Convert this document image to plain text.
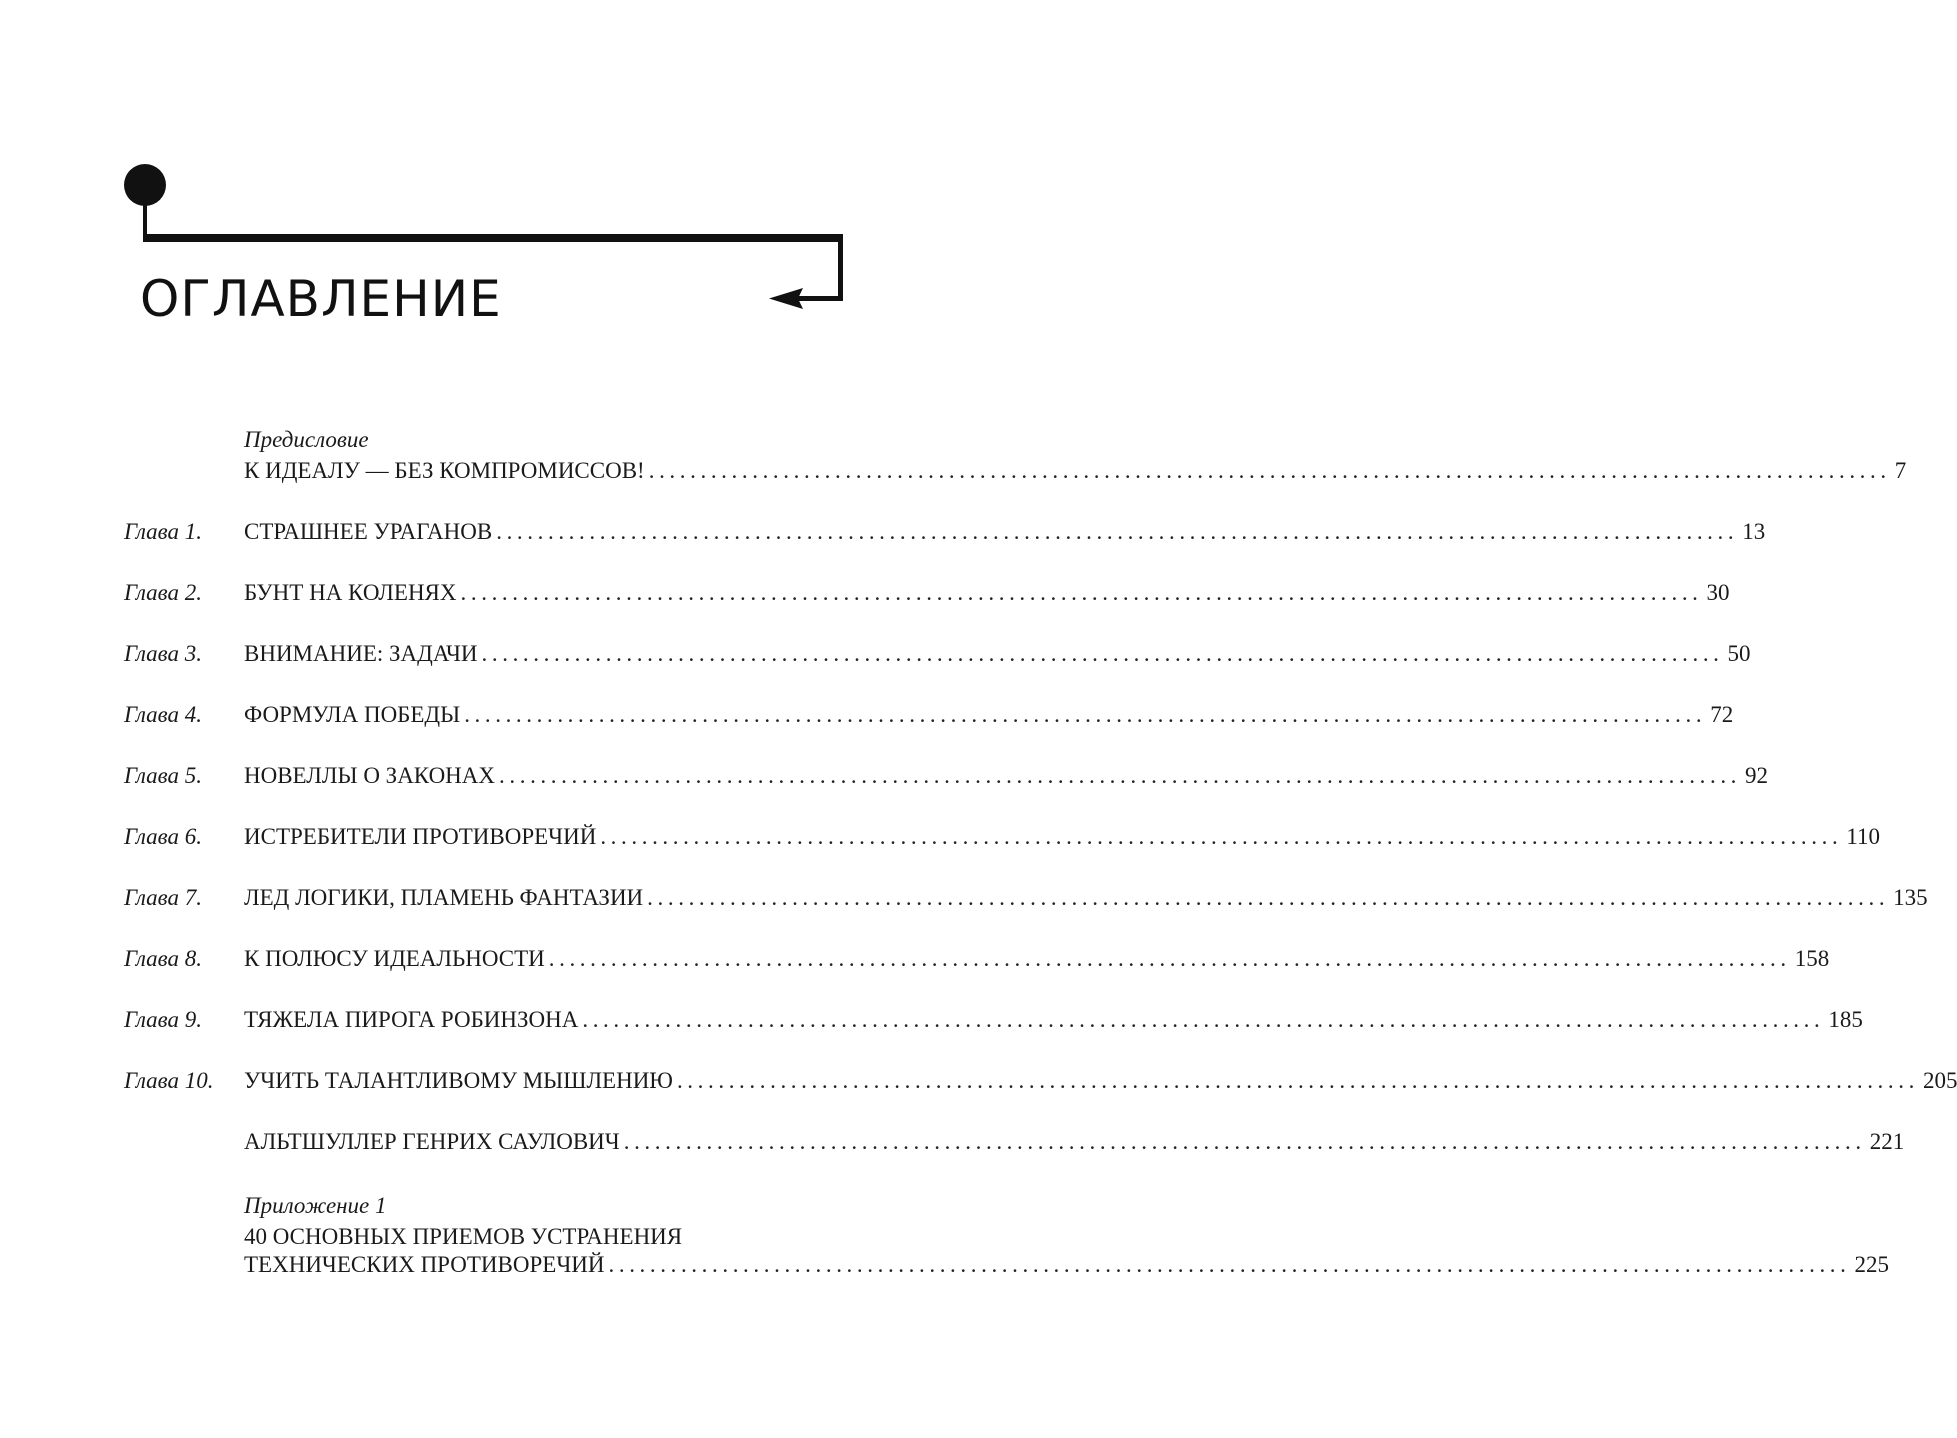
ОГЛАВЛЕНИЕ
Предисловие
К ИДЕАЛУ — БЕЗ КОМПРОМИССОВ! ........................................................................................................................ 7
Глава 1. СТРАШНЕЕ УРАГАНОВ ........................................................................................................................ 13
Глава 2. БУНТ НА КОЛЕНЯХ ........................................................................................................................ 30
Глава 3. ВНИМАНИЕ: ЗАДАЧИ ........................................................................................................................ 50
Глава 4. ФОРМУЛА ПОБЕДЫ ........................................................................................................................ 72
Глава 5. НОВЕЛЛЫ О ЗАКОНАХ ........................................................................................................................ 92
Глава 6. ИСТРЕБИТЕЛИ ПРОТИВОРЕЧИЙ ........................................................................................................................ 110
Глава 7. ЛЕД ЛОГИКИ, ПЛАМЕНЬ ФАНТАЗИИ ........................................................................................................................ 135
Глава 8. К ПОЛЮСУ ИДЕАЛЬНОСТИ ........................................................................................................................ 158
Глава 9. ТЯЖЕЛА ПИРОГА РОБИНЗОНА ........................................................................................................................ 185
Глава 10. УЧИТЬ ТАЛАНТЛИВОМУ МЫШЛЕНИЮ ........................................................................................................................ 205
АЛЬТШУЛЛЕР ГЕНРИХ САУЛОВИЧ ........................................................................................................................ 221
Приложение 1
40 ОСНОВНЫХ ПРИЕМОВ УСТРАНЕНИЯ
ТЕХНИЧЕСКИХ ПРОТИВОРЕЧИЙ ........................................................................................................................ 225
